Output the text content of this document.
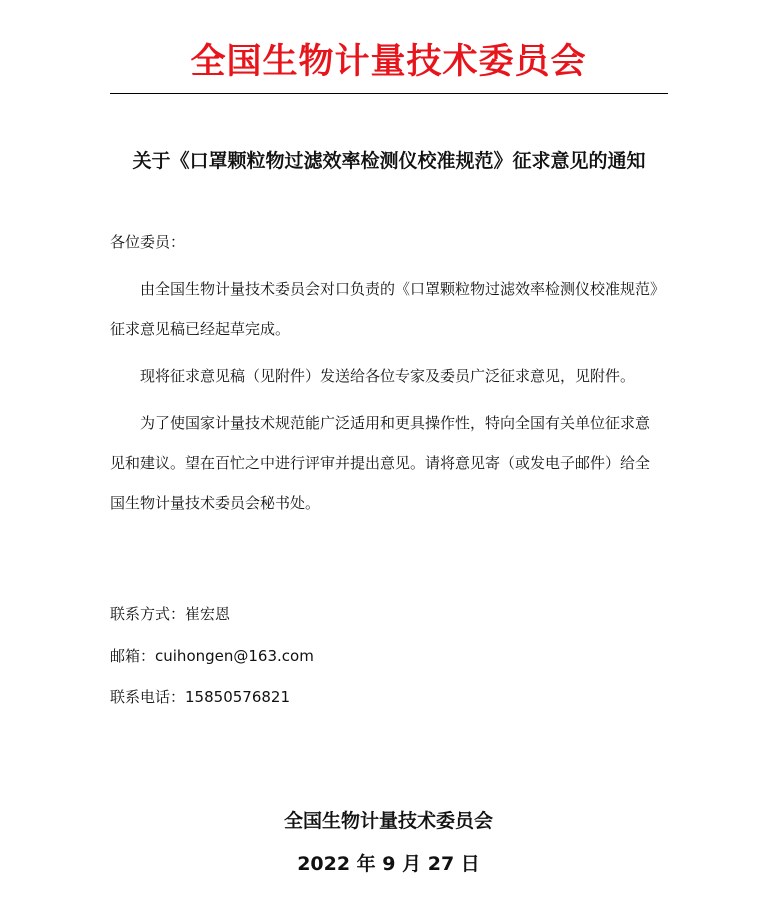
全国生物计量技术委员会
关于《口罩颗粒物过滤效率检测仪校准规范》征求意见的通知
各位委员：

由全国生物计量技术委员会对口负责的《口罩颗粒物过滤效率检测仪校准规范》征求意见稿已经起草完成。

现将征求意见稿（见附件）发送给各位专家及委员广泛征求意见，见附件。

为了使国家计量技术规范能广泛适用和更具操作性，特向全国有关单位征求意见和建议。望在百忙之中进行评审并提出意见。请将意见寄（或发电子邮件）给全国生物计量技术委员会秘书处。

联系方式：崔宏恩
邮箱：cuihongen@163.com
联系电话：15850576821
全国生物计量技术委员会
2022 年 9 月 27 日
